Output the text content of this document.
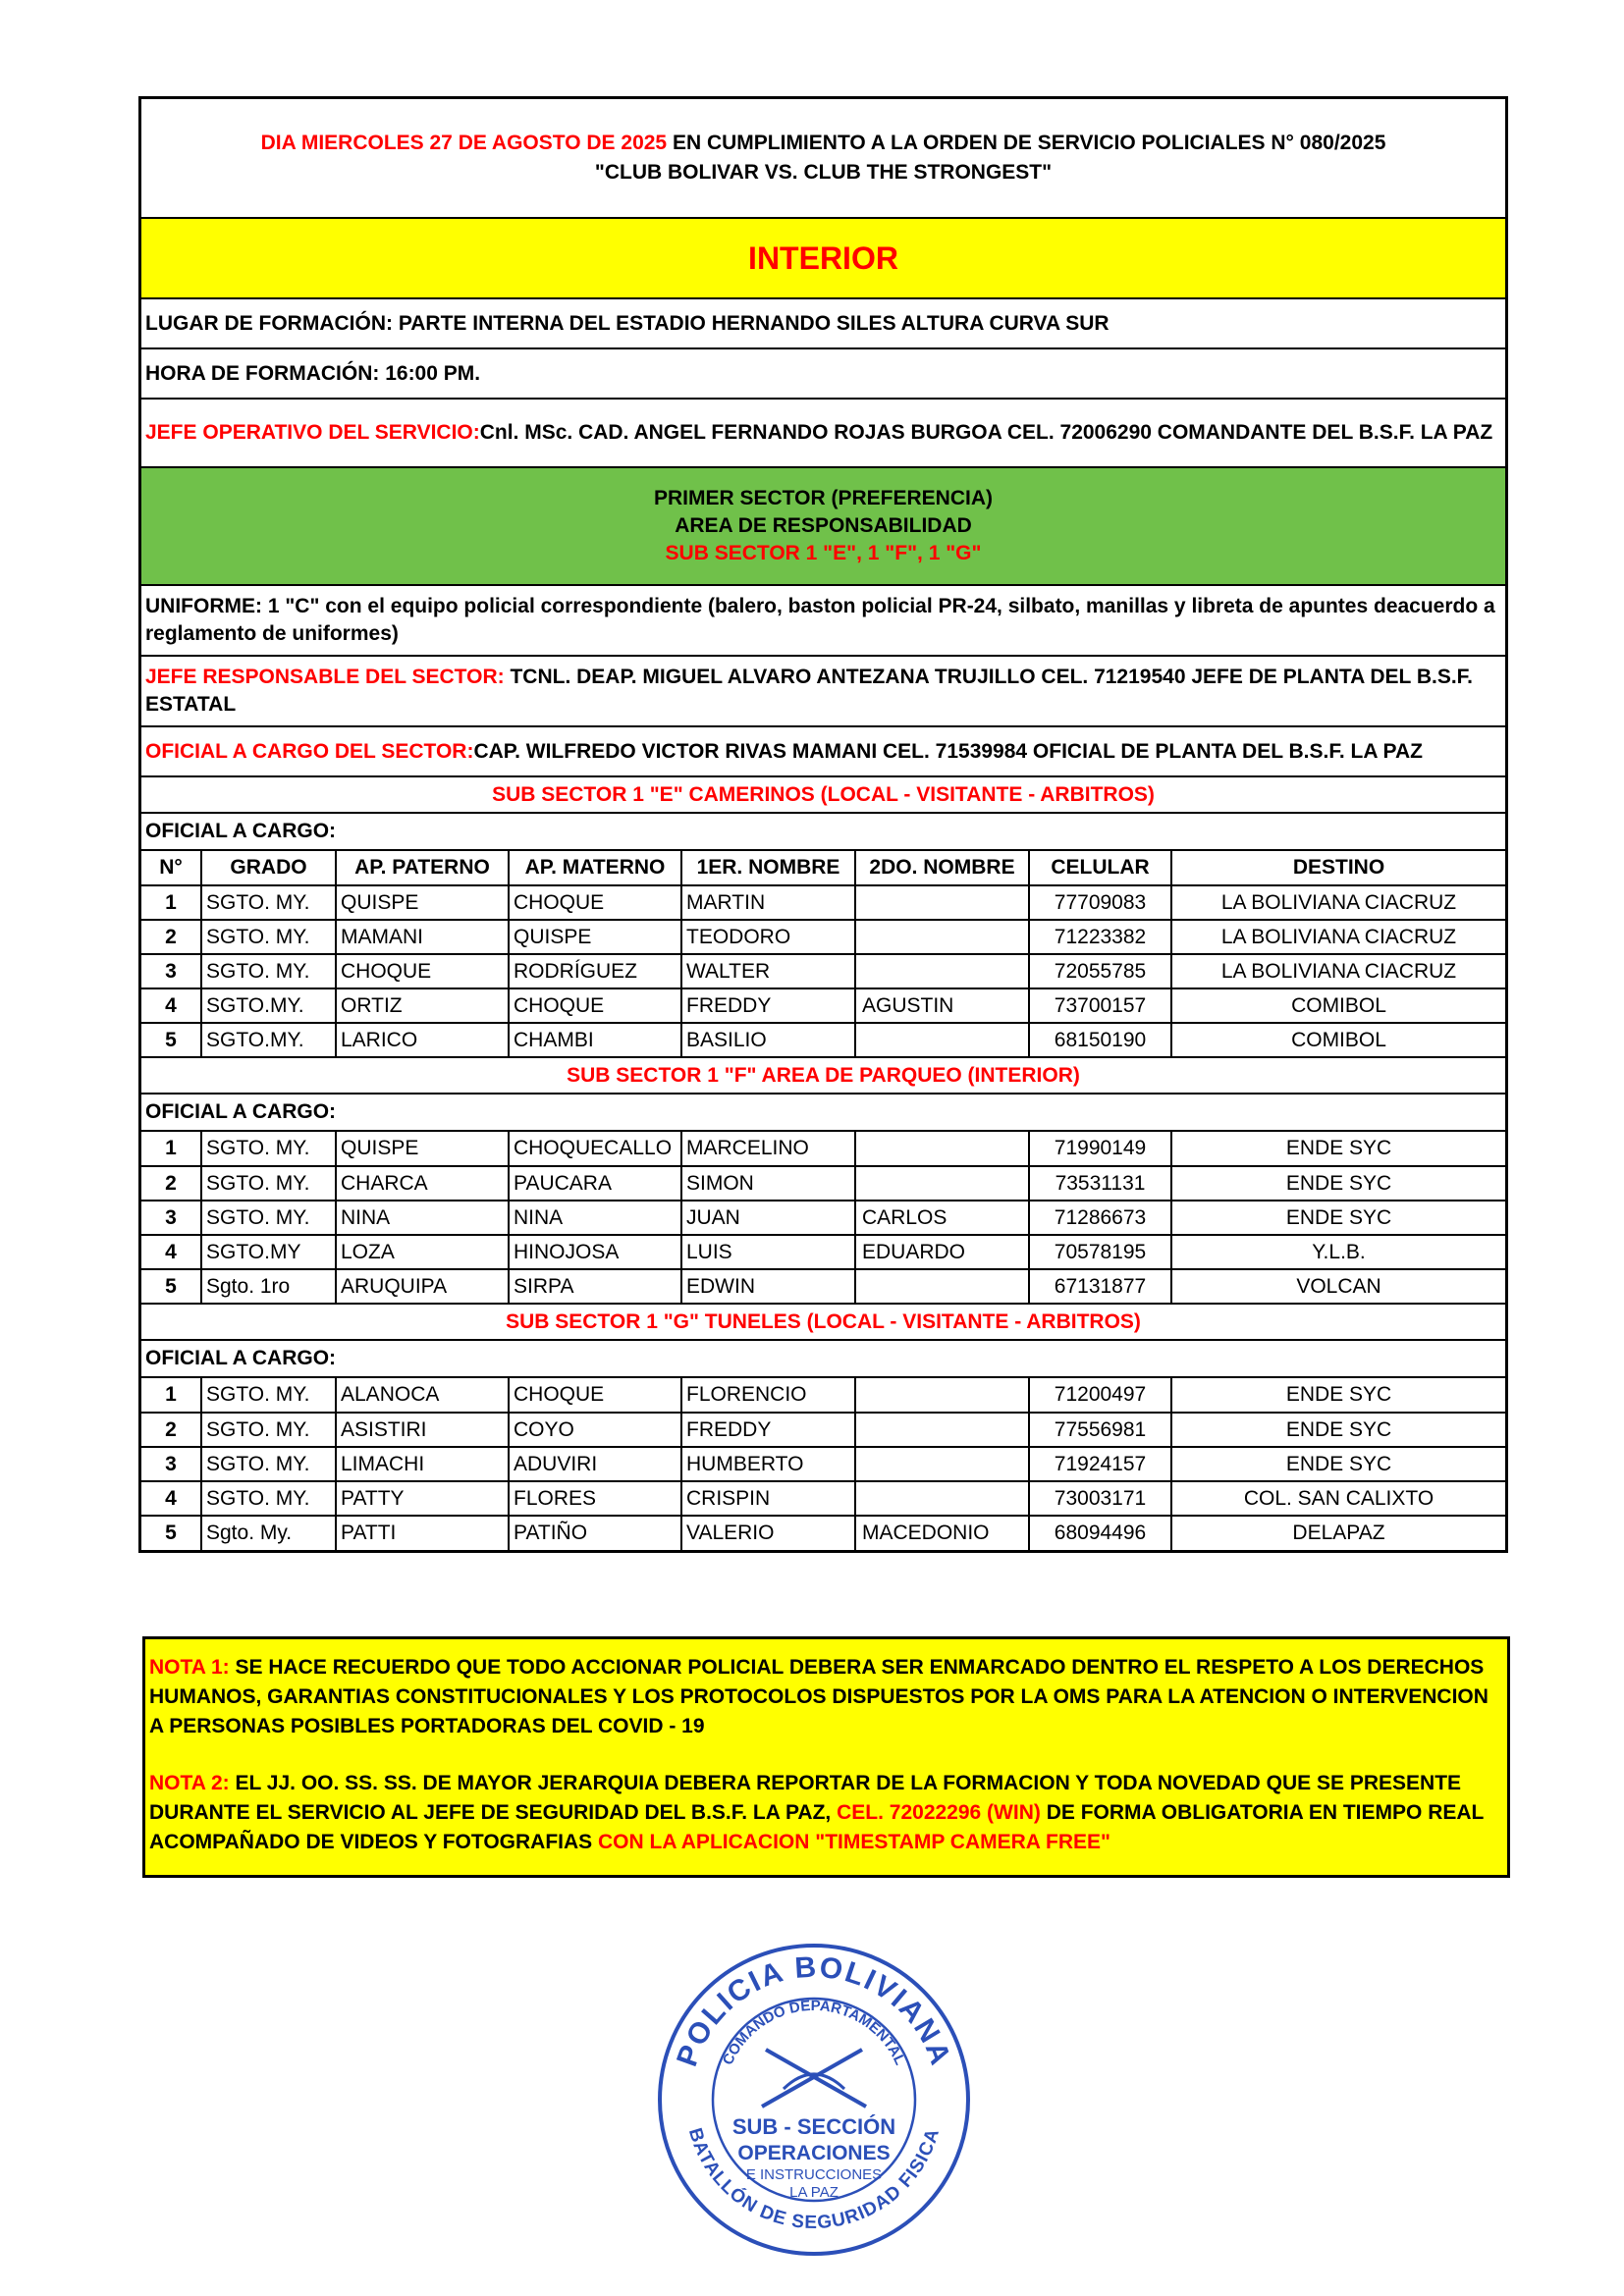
DIA MIERCOLES 27 DE AGOSTO DE 2025 EN CUMPLIMIENTO A LA ORDEN DE SERVICIO POLICIALES N° 080/2025
"CLUB BOLIVAR VS. CLUB THE STRONGEST"
INTERIOR
LUGAR DE FORMACIÓN: PARTE INTERNA DEL ESTADIO HERNANDO SILES ALTURA CURVA SUR
HORA DE FORMACIÓN: 16:00 PM.
JEFE OPERATIVO DEL SERVICIO: Cnl. MSc. CAD. ANGEL FERNANDO ROJAS BURGOA CEL. 72006290 COMANDANTE DEL B.S.F. LA PAZ
PRIMER SECTOR (PREFERENCIA)
AREA DE RESPONSABILIDAD
SUB SECTOR 1 "E", 1 "F", 1 "G"
UNIFORME: 1 "C" con el equipo policial correspondiente (balero, baston policial PR-24, silbato, manillas y libreta de apuntes deacuerdo a reglamento de uniformes)
JEFE RESPONSABLE DEL SECTOR: TCNL. DEAP. MIGUEL ALVARO ANTEZANA TRUJILLO CEL. 71219540 JEFE DE PLANTA DEL B.S.F. ESTATAL
OFICIAL A CARGO DEL SECTOR: CAP. WILFREDO VICTOR RIVAS MAMANI CEL. 71539984 OFICIAL DE PLANTA DEL B.S.F. LA PAZ
SUB SECTOR 1 "E" CAMERINOS (LOCAL - VISITANTE - ARBITROS)
OFICIAL A CARGO:
N°	GRADO	AP. PATERNO	AP. MATERNO	1ER. NOMBRE	2DO. NOMBRE	CELULAR	DESTINO
1	SGTO. MY.	QUISPE	CHOQUE	MARTIN		77709083	LA BOLIVIANA CIACRUZ
2	SGTO. MY.	MAMANI	QUISPE	TEODORO		71223382	LA BOLIVIANA CIACRUZ
3	SGTO. MY.	CHOQUE	RODRÍGUEZ	WALTER		72055785	LA BOLIVIANA CIACRUZ
4	SGTO.MY.	ORTIZ	CHOQUE	FREDDY	AGUSTIN	73700157	COMIBOL
5	SGTO.MY.	LARICO	CHAMBI	BASILIO		68150190	COMIBOL
SUB SECTOR 1 "F" AREA DE PARQUEO (INTERIOR)
OFICIAL A CARGO:
1	SGTO. MY.	QUISPE	CHOQUECALLO	MARCELINO		71990149	ENDE SYC
2	SGTO. MY.	CHARCA	PAUCARA	SIMON		73531131	ENDE SYC
3	SGTO. MY.	NINA	NINA	JUAN	CARLOS	71286673	ENDE SYC
4	SGTO.MY	LOZA	HINOJOSA	LUIS	EDUARDO	70578195	Y.L.B.
5	Sgto. 1ro	ARUQUIPA	SIRPA	EDWIN		67131877	VOLCAN
SUB SECTOR 1 "G" TUNELES (LOCAL - VISITANTE - ARBITROS)
OFICIAL A CARGO:
1	SGTO. MY.	ALANOCA	CHOQUE	FLORENCIO		71200497	ENDE SYC
2	SGTO. MY.	ASISTIRI	COYO	FREDDY		77556981	ENDE SYC
3	SGTO. MY.	LIMACHI	ADUVIRI	HUMBERTO		71924157	ENDE SYC
4	SGTO. MY.	PATTY	FLORES	CRISPIN		73003171	COL. SAN CALIXTO
5	Sgto. My.	PATTI	PATIÑO	VALERIO	MACEDONIO	68094496	DELAPAZ

NOTA 1: SE HACE RECUERDO QUE TODO ACCIONAR POLICIAL DEBERA SER ENMARCADO DENTRO EL RESPETO A LOS DERECHOS HUMANOS, GARANTIAS CONSTITUCIONALES Y LOS PROTOCOLOS DISPUESTOS POR LA OMS PARA LA ATENCION O INTERVENCION A PERSONAS POSIBLES PORTADORAS DEL COVID - 19

NOTA 2: EL JJ. OO. SS. SS. DE MAYOR JERARQUIA DEBERA REPORTAR DE LA FORMACION Y TODA NOVEDAD QUE SE PRESENTE DURANTE EL SERVICIO AL JEFE DE SEGURIDAD DEL B.S.F. LA PAZ, CEL. 72022296 (WIN) DE FORMA OBLIGATORIA EN TIEMPO REAL ACOMPAÑADO DE VIDEOS Y FOTOGRAFIAS CON LA APLICACION "TIMESTAMP CAMERA FREE"

POLICIA BOLIVIANA
BATALLÓN DE SEGURIDAD FISICA
COMANDO DEPARTAMENTAL
SUB - SECCIÓN
OPERACIONES
E INSTRUCCIONES
LA PAZ
